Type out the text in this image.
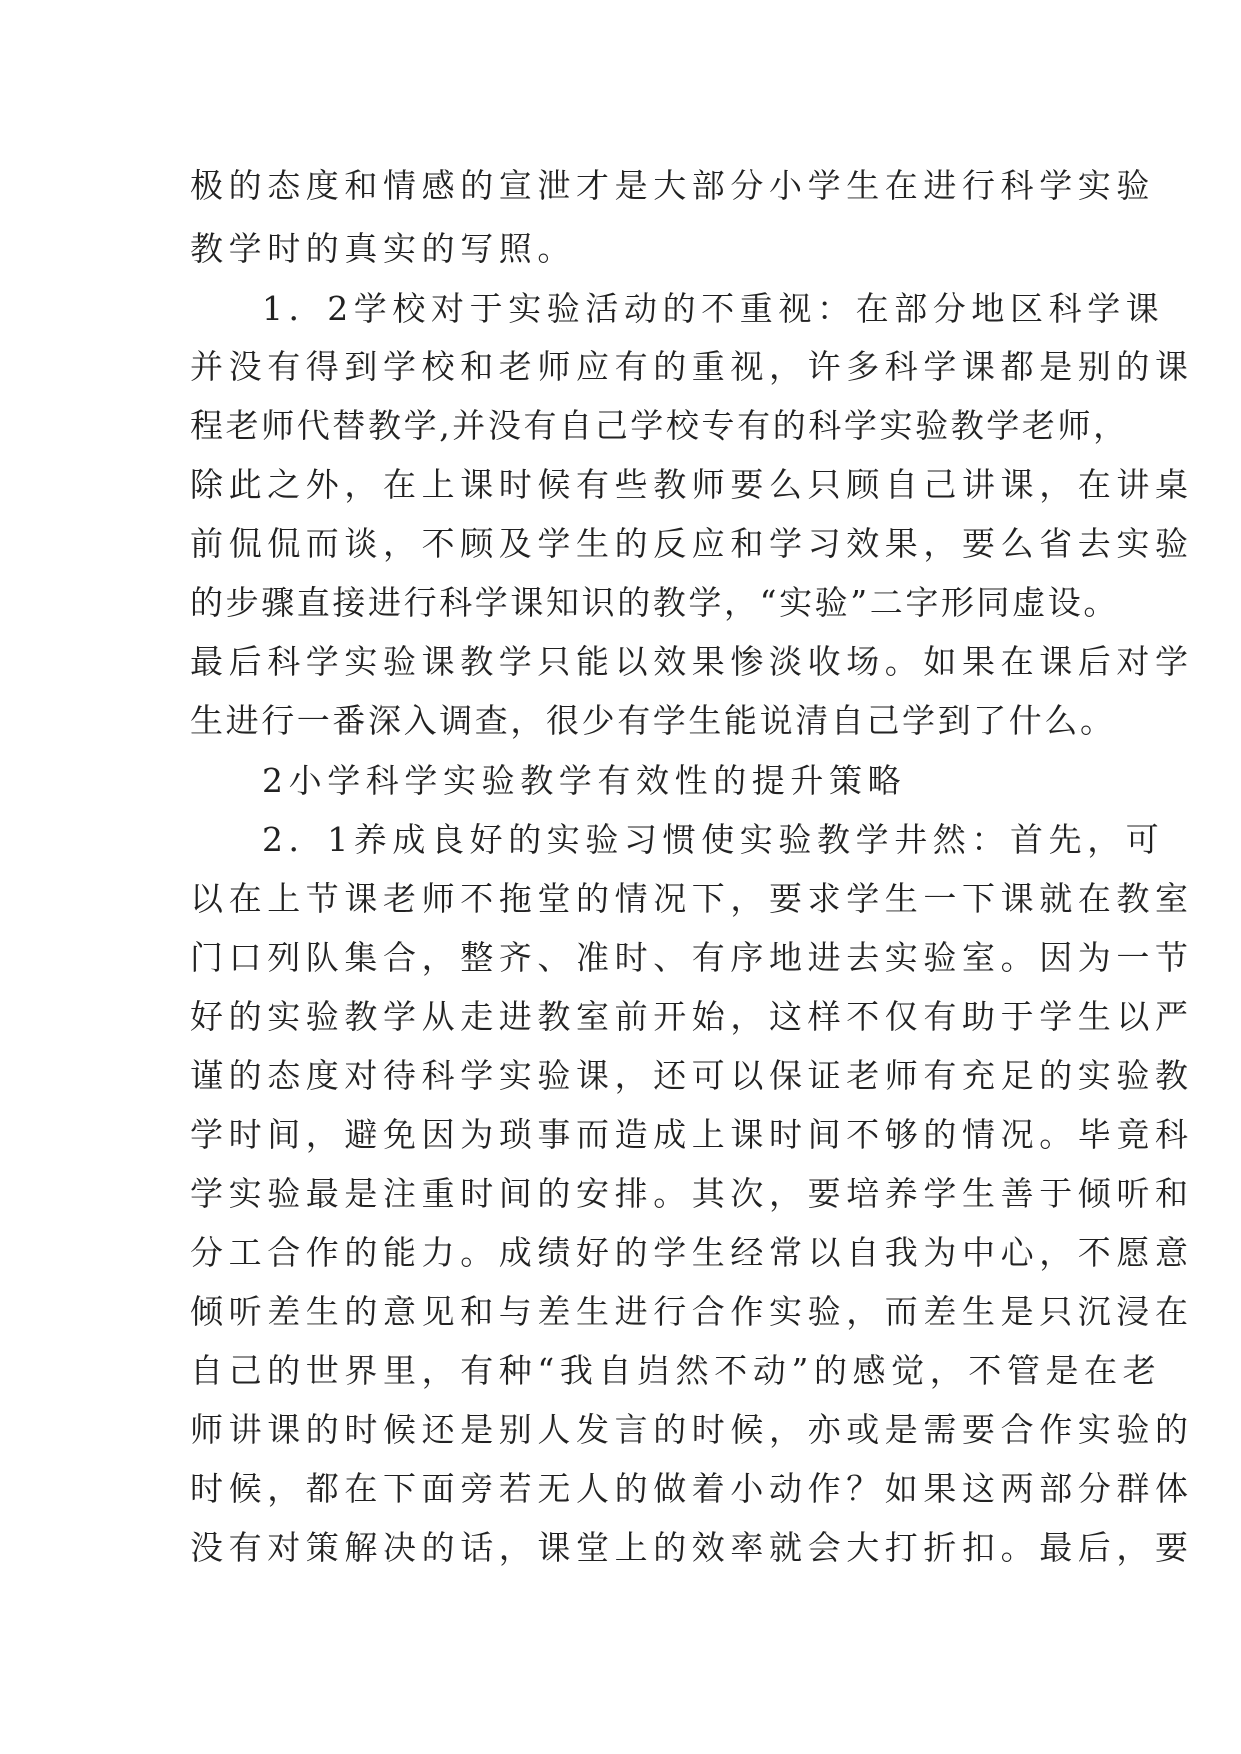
极的态度和情感的宣泄才是大部分小学生在进行科学实验
教学时的真实的写照。
1．2学校对于实验活动的不重视：在部分地区科学课
并没有得到学校和老师应有的重视，许多科学课都是别的课
程老师代替教学,并没有自己学校专有的科学实验教学老师，
除此之外，在上课时候有些教师要么只顾自己讲课，在讲桌
前侃侃而谈，不顾及学生的反应和学习效果，要么省去实验
的步骤直接进行科学课知识的教学，“实验”二字形同虚设。
最后科学实验课教学只能以效果惨淡收场。如果在课后对学
生进行一番深入调查，很少有学生能说清自己学到了什么。
2小学科学实验教学有效性的提升策略
2．1养成良好的实验习惯使实验教学井然：首先，可
以在上节课老师不拖堂的情况下，要求学生一下课就在教室
门口列队集合，整齐、准时、有序地进去实验室。因为一节
好的实验教学从走进教室前开始，这样不仅有助于学生以严
谨的态度对待科学实验课，还可以保证老师有充足的实验教
学时间，避免因为琐事而造成上课时间不够的情况。毕竟科
学实验最是注重时间的安排。其次，要培养学生善于倾听和
分工合作的能力。成绩好的学生经常以自我为中心，不愿意
倾听差生的意见和与差生进行合作实验，而差生是只沉浸在
自己的世界里，有种“我自岿然不动”的感觉，不管是在老
师讲课的时候还是别人发言的时候，亦或是需要合作实验的
时候，都在下面旁若无人的做着小动作？如果这两部分群体
没有对策解决的话，课堂上的效率就会大打折扣。最后，要
